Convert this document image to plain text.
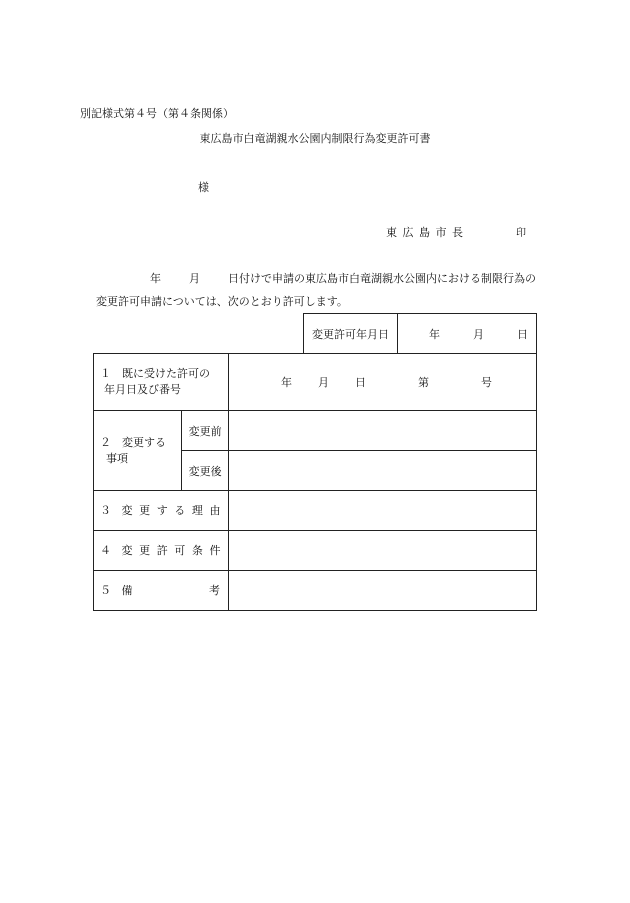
別記様式第４号（第４条関係）
東広島市白竜湖親水公園内制限行為変更許可書
様
東広島市長	印
年	月	日付けで申請の東広島市白竜湖親水公園内における制限行為の
変更許可申請については、次のとおり許可します。
変更許可年月日	年	月	日
１　既に受けた許可の
年月日及び番号		年 月 日 第 号

２　変更する
事項	変更前	
	変更後	
３ 変更する理由		
４ 変更許可条件		

５ 備 考		
